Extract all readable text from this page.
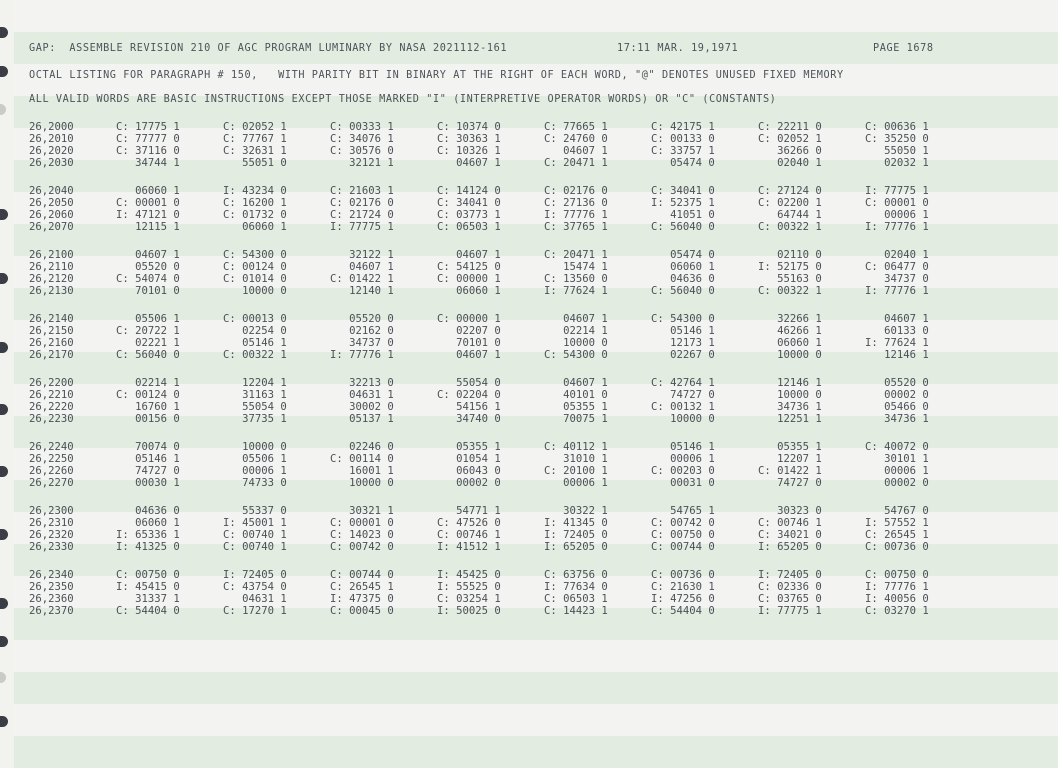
GAP:  ASSEMBLE REVISION 210 OF AGC PROGRAM LUMINARY BY NASA 2021112-161	17:11 MAR. 19,1971	PAGE 1678
OCTAL LISTING FOR PARAGRAPH # 150,   WITH PARITY BIT IN BINARY AT THE RIGHT OF EACH WORD, "@" DENOTES UNUSED FIXED MEMORY
ALL VALID WORDS ARE BASIC INSTRUCTIONS EXCEPT THOSE MARKED "I" (INTERPRETIVE OPERATOR WORDS) OR "C" (CONSTANTS)
26,2000	C: 17775 1	C: 02052 1	C: 00333 1	C: 10374 0	C: 77665 1	C: 42175 1	C: 22211 0	C: 00636 1
26,2010	C: 77777 0	C: 77767 1	C: 34076 1	C: 30363 1	C: 24760 0	C: 00133 0	C: 02052 1	C: 35250 0
26,2020	C: 37116 0	C: 32631 1	C: 30576 0	C: 10326 1	04607 1	C: 33757 1	36266 0	55050 1
26,2030	34744 1	55051 0	32121 1	04607 1	C: 20471 1	05474 0	02040 1	02032 1
26,2040	06060 1	I: 43234 0	C: 21603 1	C: 14124 0	C: 02176 0	C: 34041 0	C: 27124 0	I: 77775 1
26,2050	C: 00001 0	C: 16200 1	C: 02176 0	C: 34041 0	C: 27136 0	I: 52375 1	C: 02200 1	C: 00001 0
26,2060	I: 47121 0	C: 01732 0	C: 21724 0	C: 03773 1	I: 77776 1	41051 0	64744 1	00006 1
26,2070	12115 1	06060 1	I: 77775 1	C: 06503 1	C: 37765 1	C: 56040 0	C: 00322 1	I: 77776 1
26,2100	04607 1	C: 54300 0	32122 1	04607 1	C: 20471 1	05474 0	02110 0	02040 1
26,2110	05520 0	C: 00124 0	04607 1	C: 54125 0	15474 1	06060 1	I: 52175 0	C: 06477 0
26,2120	C: 54074 0	C: 01014 0	C: 01422 1	C: 00000 1	C: 13560 0	04636 0	55163 0	34737 0
26,2130	70101 0	10000 0	12140 1	06060 1	I: 77624 1	C: 56040 0	C: 00322 1	I: 77776 1
26,2140	05506 1	C: 00013 0	05520 0	C: 00000 1	04607 1	C: 54300 0	32266 1	04607 1
26,2150	C: 20722 1	02254 0	02162 0	02207 0	02214 1	05146 1	46266 1	60133 0
26,2160	02221 1	05146 1	34737 0	70101 0	10000 0	12173 1	06060 1	I: 77624 1
26,2170	C: 56040 0	C: 00322 1	I: 77776 1	04607 1	C: 54300 0	02267 0	10000 0	12146 1
26,2200	02214 1	12204 1	32213 0	55054 0	04607 1	C: 42764 1	12146 1	05520 0
26,2210	C: 00124 0	31163 1	04631 1	C: 02204 0	40101 0	74727 0	10000 0	00002 0
26,2220	16760 1	55054 0	30002 0	54156 1	05355 1	C: 00132 1	34736 1	05466 0
26,2230	00156 0	37735 1	05137 1	34740 0	70075 1	10000 0	12251 1	34736 1
26,2240	70074 0	10000 0	02246 0	05355 1	C: 40112 1	05146 1	05355 1	C: 40072 0
26,2250	05146 1	05506 1	C: 00114 0	01054 1	31010 1	00006 1	12207 1	30101 1
26,2260	74727 0	00006 1	16001 1	06043 0	C: 20100 1	C: 00203 0	C: 01422 1	00006 1
26,2270	00030 1	74733 0	10000 0	00002 0	00006 1	00031 0	74727 0	00002 0
26,2300	04636 0	55337 0	30321 1	54771 1	30322 1	54765 1	30323 0	54767 0
26,2310	06060 1	I: 45001 1	C: 00001 0	C: 47526 0	I: 41345 0	C: 00742 0	C: 00746 1	I: 57552 1
26,2320	I: 65336 1	C: 00740 1	C: 14023 0	C: 00746 1	I: 72405 0	C: 00750 0	C: 34021 0	C: 26545 1
26,2330	I: 41325 0	C: 00740 1	C: 00742 0	I: 41512 1	I: 65205 0	C: 00744 0	I: 65205 0	C: 00736 0
26,2340	C: 00750 0	I: 72405 0	C: 00744 0	I: 45425 0	C: 63756 0	C: 00736 0	I: 72405 0	C: 00750 0
26,2350	I: 45415 0	C: 43754 0	C: 26545 1	I: 55525 0	I: 77634 0	C: 21630 1	C: 02336 0	I: 77776 1
26,2360	31337 1	04631 1	I: 47375 0	C: 03254 1	C: 06503 1	I: 47256 0	C: 03765 0	I: 40056 0
26,2370	C: 54404 0	C: 17270 1	C: 00045 0	I: 50025 0	C: 14423 1	C: 54404 0	I: 77775 1	C: 03270 1
